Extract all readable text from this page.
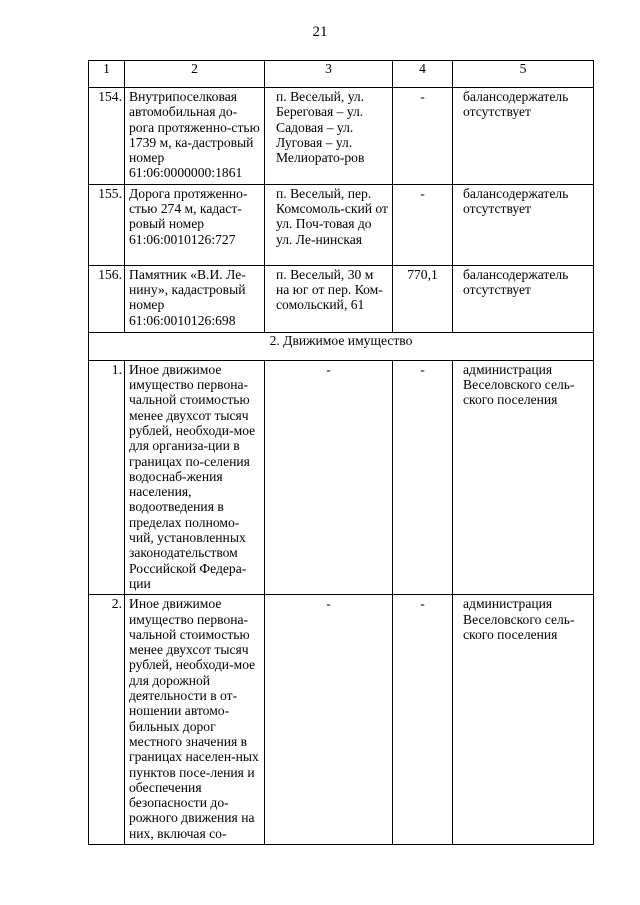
21
1	2	3	4	5
154.	Внутрипоселковая автомобильная до-рога протяженно-стью 1739 м, ка-дастровый номер 61:06:0000000:1861	п. Веселый, ул. Береговая – ул. Садовая – ул. Луговая – ул. Мелиорато-ров	-	балансодержатель отсутствует
155.	Дорога протяженно-стью 274 м, кадаст-ровый номер 61:06:0010126:727	п. Веселый, пер. Комсомоль-ский от ул. Поч-товая до ул. Ле-нинская	-	балансодержатель отсутствует
156.	Памятник «В.И. Ле-нину», кадастровый номер 61:06:0010126:698	п. Веселый, 30 м на юг от пер. Ком-сомольский, 61	770,1	балансодержатель отсутствует
2. Движимое имущество				
1.	Иное движимое имущество первона-чальной стоимостью менее двухсот тысяч рублей, необходи-мое для организа-ции в границах по-селения водоснаб-жения населения, водоотведения в пределах полномо-чий, установленных законодательством Российской Федера-ции	-	-	администрация Веселовского сель-ского поселения
2.	Иное движимое имущество первона-чальной стоимостью менее двухсот тысяч рублей, необходи-мое для дорожной деятельности в от-ношении автомо-бильных дорог местного значения в границах населен-ных пунктов посе-ления и обеспечения безопасности до-рожного движения на них, включая со-	-	-	администрация Веселовского сель-ского поселения
